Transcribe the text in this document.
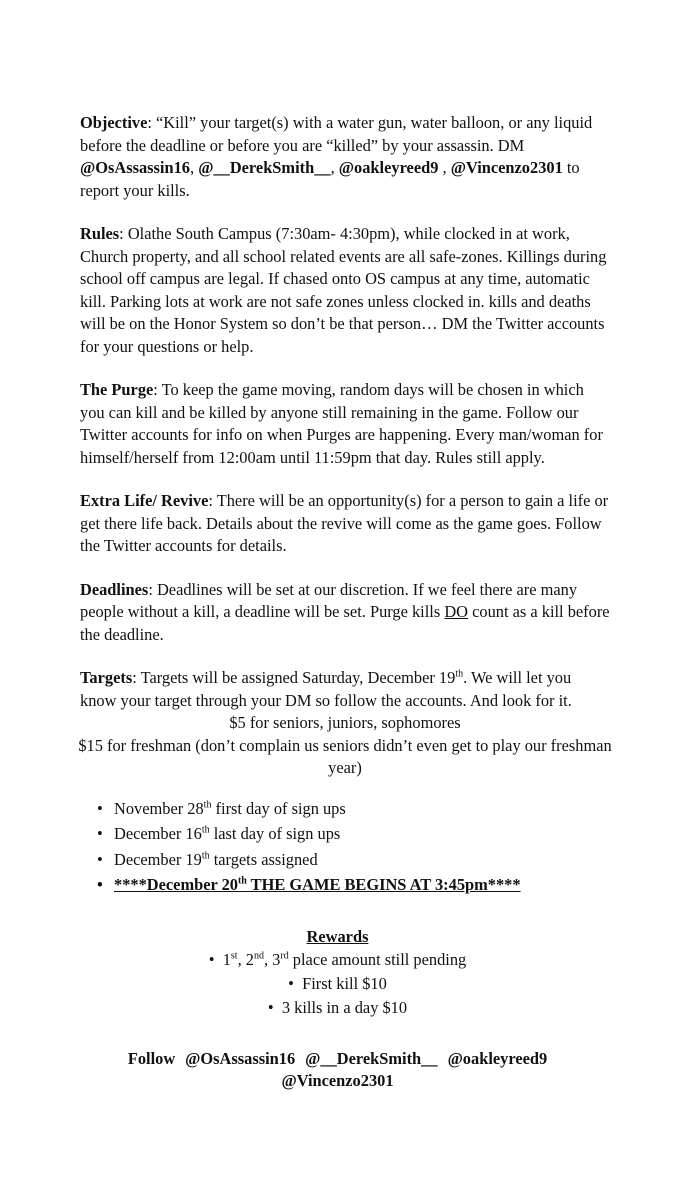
Objective: “Kill” your target(s) with a water gun, water balloon, or any liquid before the deadline or before you are “killed” by your assassin. DM @OsAssassin16, @__DerekSmith__, @oakleyreed9 , @Vincenzo2301 to report your kills.

Rules: Olathe South Campus (7:30am- 4:30pm), while clocked in at work, Church property, and all school related events are all safe-zones. Killings during school off campus are legal. If chased onto OS campus at any time, automatic kill. Parking lots at work are not safe zones unless clocked in. kills and deaths will be on the Honor System so don’t be that person… DM the Twitter accounts for your questions or help.

The Purge: To keep the game moving, random days will be chosen in which you can kill and be killed by anyone still remaining in the game. Follow our Twitter accounts for info on when Purges are happening. Every man/woman for himself/herself from 12:00am until 11:59pm that day. Rules still apply.

Extra Life/ Revive: There will be an opportunity(s) for a person to gain a life or get there life back. Details about the revive will come as the game goes. Follow the Twitter accounts for details.

Deadlines: Deadlines will be set at our discretion. If we feel there are many people without a kill, a deadline will be set. Purge kills DO count as a kill before the deadline.

Targets: Targets will be assigned Saturday, December 19th. We will let you know your target through your DM so follow the accounts. And look for it.

$5 for seniors, juniors, sophomores

$15 for freshman (don’t complain us seniors didn’t even get to play our freshman year)

• November 28th first day of sign ups
• December 16th last day of sign ups
• December 19th targets assigned
• ****December 20th THE GAME BEGINS AT 3:45pm****
Rewards
•  1st, 2nd, 3rd place amount still pending
•  First kill $10
•  3 kills in a day $10
Follow @OsAssassin16 @__DerekSmith__ @oakleyreed9
@Vincenzo2301
